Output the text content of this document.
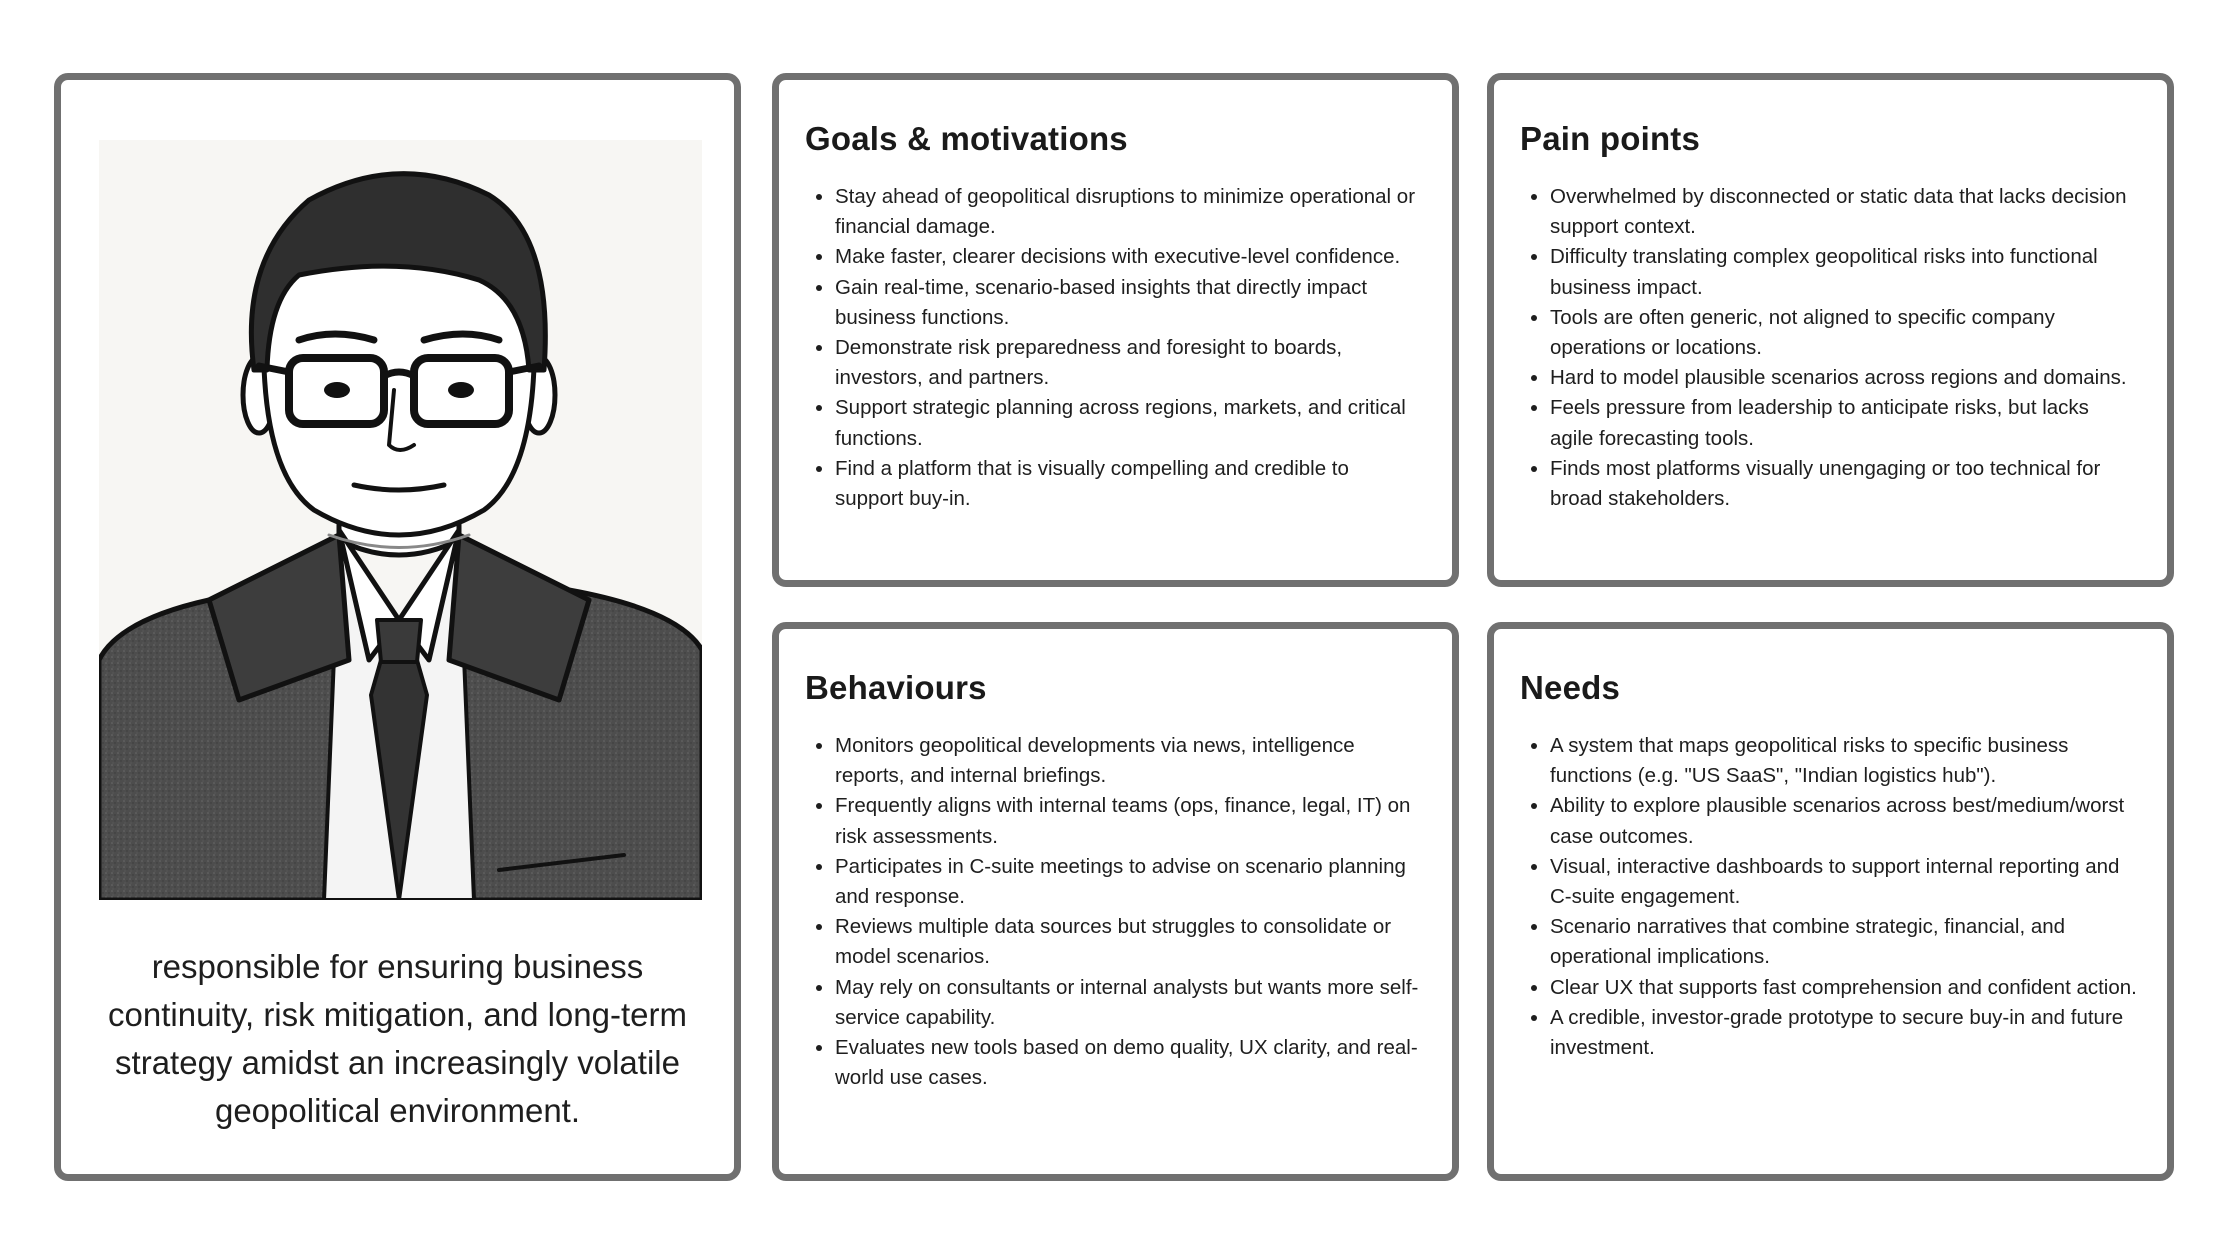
responsible for ensuring business continuity, risk mitigation, and long-term strategy amidst an increasingly volatile geopolitical environment.

Goals & motivations
• Stay ahead of geopolitical disruptions to minimize operational or financial damage.
• Make faster, clearer decisions with executive-level confidence.
• Gain real-time, scenario-based insights that directly impact business functions.
• Demonstrate risk preparedness and foresight to boards, investors, and partners.
• Support strategic planning across regions, markets, and critical functions.
• Find a platform that is visually compelling and credible to support buy-in.
Pain points
• Overwhelmed by disconnected or static data that lacks decision support context.
• Difficulty translating complex geopolitical risks into functional business impact.
• Tools are often generic, not aligned to specific company operations or locations.
• Hard to model plausible scenarios across regions and domains.
• Feels pressure from leadership to anticipate risks, but lacks agile forecasting tools.
• Finds most platforms visually unengaging or too technical for broad stakeholders.
Behaviours
• Monitors geopolitical developments via news, intelligence reports, and internal briefings.
• Frequently aligns with internal teams (ops, finance, legal, IT) on risk assessments.
• Participates in C-suite meetings to advise on scenario planning and response.
• Reviews multiple data sources but struggles to consolidate or model scenarios.
• May rely on consultants or internal analysts but wants more self-service capability.
• Evaluates new tools based on demo quality, UX clarity, and real-world use cases.
Needs
• A system that maps geopolitical risks to specific business functions (e.g. "US SaaS", "Indian logistics hub").
• Ability to explore plausible scenarios across best/medium/worst case outcomes.
• Visual, interactive dashboards to support internal reporting and C-suite engagement.
• Scenario narratives that combine strategic, financial, and operational implications.
• Clear UX that supports fast comprehension and confident action.
• A credible, investor-grade prototype to secure buy-in and future investment.
